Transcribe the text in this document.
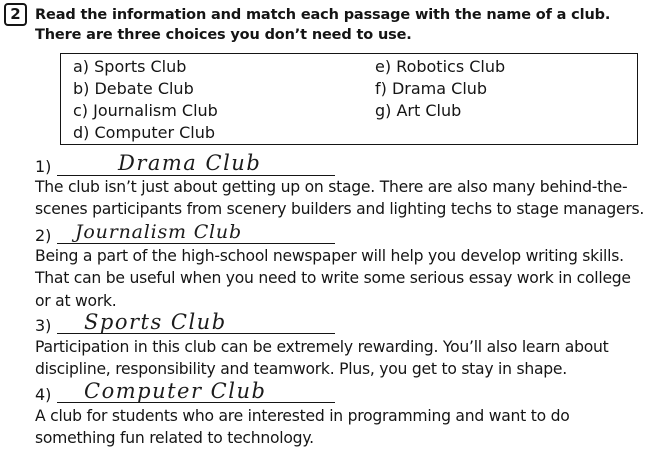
2 Read the information and match each passage with the name of a club. There are three choices you don’t need to use.
a) Sports Club
b) Debate Club
c) Journalism Club
d) Computer Club
e) Robotics Club
f) Drama Club
g) Art Club
1)	Drama Club
The club isn’t just about getting up on stage. There are also many behind-the-scenes participants from scenery builders and lighting techs to stage managers.
2) Journalism Club
Being a part of the high-school newspaper will help you develop writing skills. That can be useful when you need to write some serious essay work in college or at work.
3) Sports Club
Participation in this club can be extremely rewarding. You’ll also learn about discipline, responsibility and teamwork. Plus, you get to stay in shape.
4) Computer Club
A club for students who are interested in programming and want to do something fun related to technology.
